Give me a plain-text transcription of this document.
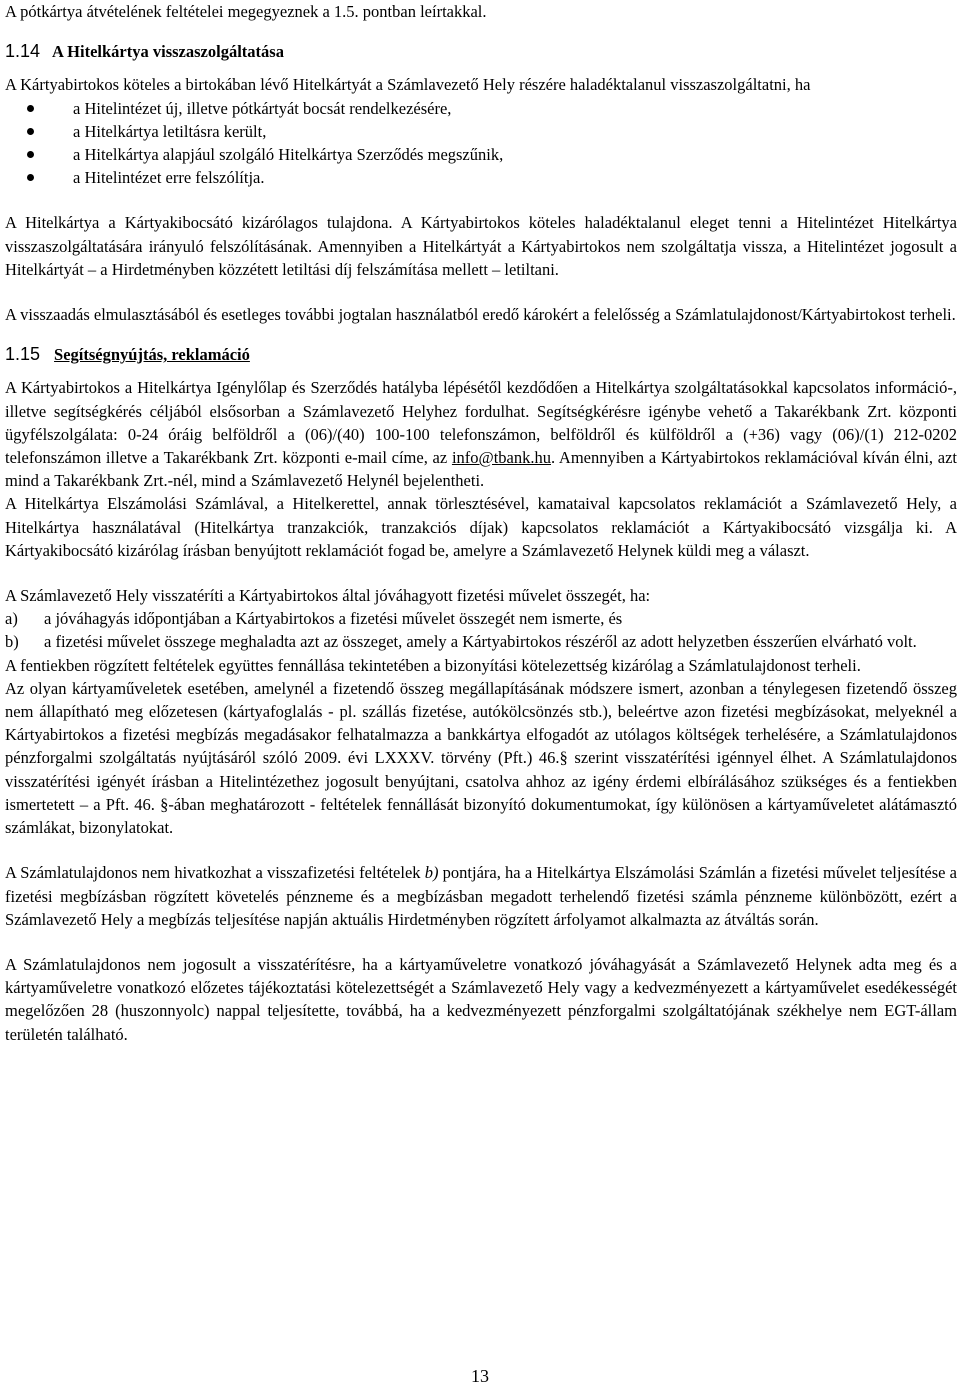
A pótkártya átvételének feltételei megegyeznek a 1.5. pontban leírtakkal.

1.14 A Hitelkártya visszaszolgáltatása

A Kártyabirtokos köteles a birtokában lévő Hitelkártyát a Számlavezető Hely részére haladéktalanul visszaszolgáltatni, ha

a Hitelintézet új, illetve pótkártyát bocsát rendelkezésére,
a Hitelkártya letiltásra került,
a Hitelkártya alapjául szolgáló Hitelkártya Szerződés megszűnik,
a Hitelintézet erre felszólítja.

A Hitelkártya a Kártyakibocsátó kizárólagos tulajdona. A Kártyabirtokos köteles haladéktalanul eleget tenni a Hitelintézet Hitelkártya visszaszolgáltatására irányuló felszólításának. Amennyiben a Hitelkártyát a Kártyabirtokos nem szolgáltatja vissza, a Hitelintézet jogosult a Hitelkártyát – a Hirdetményben közzétett letiltási díj felszámítása mellett – letiltani.

A visszaadás elmulasztásából és esetleges további jogtalan használatból eredő károkért a felelősség a Számlatulajdonost/Kártyabirtokost terheli.

1.15 Segítségnyújtás, reklamáció

A Kártyabirtokos a Hitelkártya Igénylőlap és Szerződés hatályba lépésétől kezdődően a Hitelkártya szolgáltatásokkal kapcsolatos információ-, illetve segítségkérés céljából elsősorban a Számlavezető Helyhez fordulhat. Segítségkérésre igénybe vehető a Takarékbank Zrt. központi ügyfélszolgálata: 0-24 óráig belföldről a (06)/(40) 100-100 telefonszámon, belföldről és külföldről a (+36) vagy (06)/(1) 212-0202 telefonszámon illetve a Takarékbank Zrt. központi e-mail címe, az info@tbank.hu. Amennyiben a Kártyabirtokos reklamációval kíván élni, azt mind a Takarékbank Zrt.-nél, mind a Számlavezető Helynél bejelentheti.

A Hitelkártya Elszámolási Számlával, a Hitelkerettel, annak törlesztésével, kamataival kapcsolatos reklamációt a Számlavezető Hely, a Hitelkártya használatával (Hitelkártya tranzakciók, tranzakciós díjak) kapcsolatos reklamációt a Kártyakibocsátó vizsgálja ki. A Kártyakibocsátó kizárólag írásban benyújtott reklamációt fogad be, amelyre a Számlavezető Helynek küldi meg a választ.

A Számlavezető Hely visszatéríti a Kártyabirtokos által jóváhagyott fizetési művelet összegét, ha:

a) a jóváhagyás időpontjában a Kártyabirtokos a fizetési művelet összegét nem ismerte, és
b) a fizetési művelet összege meghaladta azt az összeget, amely a Kártyabirtokos részéről az adott helyzetben ésszerűen elvárható volt.

A fentiekben rögzített feltételek együttes fennállása tekintetében a bizonyítási kötelezettség kizárólag a Számlatulajdonost terheli.

Az olyan kártyaműveletek esetében, amelynél a fizetendő összeg megállapításának módszere ismert, azonban a ténylegesen fizetendő összeg nem állapítható meg előzetesen (kártyafoglalás - pl. szállás fizetése, autókölcsönzés stb.), beleértve azon fizetési megbízásokat, melyeknél a Kártyabirtokos a fizetési megbízás megadásakor felhatalmazza a bankkártya elfogadót az utólagos költségek terhelésére, a Számlatulajdonos pénzforgalmi szolgáltatás nyújtásáról szóló 2009. évi LXXXV. törvény (Pft.) 46.§ szerint visszatérítési igénnyel élhet. A Számlatulajdonos visszatérítési igényét írásban a Hitelintézethez jogosult benyújtani, csatolva ahhoz az igény érdemi elbírálásához szükséges és a fentiekben ismertetett – a Pft. 46. §-ában meghatározott - feltételek fennállását bizonyító dokumentumokat, így különösen a kártyaműveletet alátámasztó számlákat, bizonylatokat.

A Számlatulajdonos nem hivatkozhat a visszafizetési feltételek b) pontjára, ha a Hitelkártya Elszámolási Számlán a fizetési művelet teljesítése a fizetési megbízásban rögzített követelés pénzneme és a megbízásban megadott terhelendő fizetési számla pénzneme különbözött, ezért a Számlavezető Hely a megbízás teljesítése napján aktuális Hirdetményben rögzített árfolyamot alkalmazta az átváltás során.

A Számlatulajdonos nem jogosult a visszatérítésre, ha a kártyaműveletre vonatkozó jóváhagyását a Számlavezető Helynek adta meg és a kártyaműveletre vonatkozó előzetes tájékoztatási kötelezettségét a Számlavezető Hely vagy a kedvezményezett a kártyaművelet esedékességét megelőzően 28 (huszonnyolc) nappal teljesítette, továbbá, ha a kedvezményezett pénzforgalmi szolgáltatójának székhelye nem EGT-állam területén található.

13
